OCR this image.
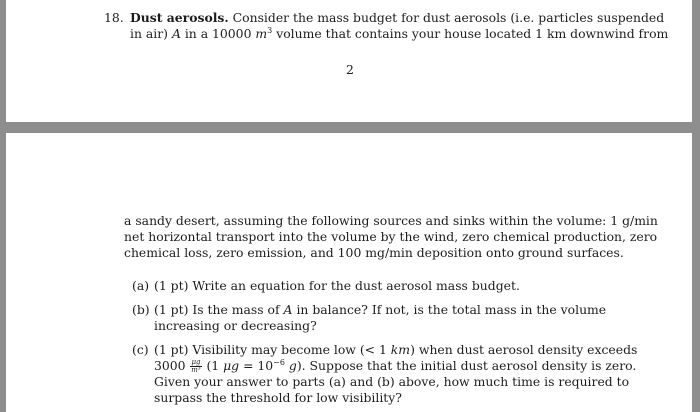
18. Dust aerosols. Consider the mass budget for dust aerosols (i.e. particles suspended
in air) A in a 10000 $m^3$ volume that contains your house located 1 km downwind from
2
a sandy desert, assuming the following sources and sinks within the volume: 1 g/min
net horizontal transport into the volume by the wind, zero chemical production, zero
chemical loss, zero emission, and 100 mg/min deposition onto ground surfaces.
(a) (1 pt) Write an equation for the dust aerosol mass budget.
(b) (1 pt) Is the mass of A in balance? If not, is the total mass in the volume
increasing or decreasing?
(c) (1 pt) Visibility may become low (< 1 km) when dust aerosol density exceeds
$3000 \frac{\mu g}{\text{m³}} (1$ $\mu g = 10^{-6}$ g). Suppose that the initial dust aerosol density is zero.
Given your answer to parts (a) and (b) above, how much time is required to
surpass the threshold for low visibility?
